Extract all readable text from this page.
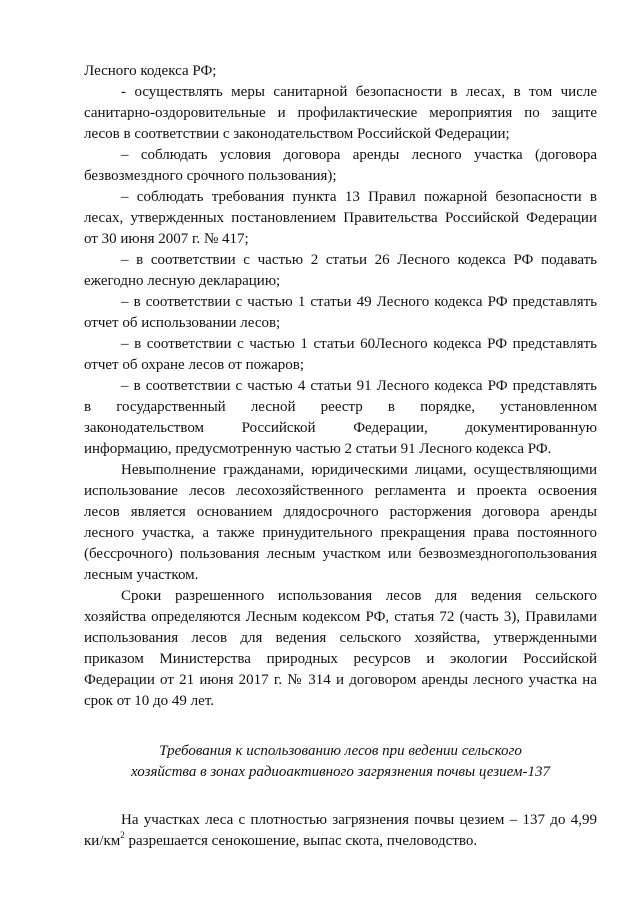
Лесного кодекса РФ;
- осуществлять меры санитарной безопасности в лесах, в том числе
санитарно-оздоровительные и профилактические мероприятия по защите
лесов в соответствии с законодательством Российской Федерации;
– соблюдать условия договора аренды лесного участка (договора
безвозмездного срочного пользования);
– соблюдать требования пункта 13 Правил пожарной безопасности в
лесах, утвержденных постановлением Правительства Российской Федерации
от 30 июня 2007 г. № 417;
– в соответствии с частью 2 статьи 26 Лесного кодекса РФ подавать
ежегодно лесную декларацию;
– в соответствии с частью 1 статьи 49 Лесного кодекса РФ представлять
отчет об использовании лесов;
– в соответствии с частью 1 статьи 60Лесного кодекса РФ представлять
отчет об охране лесов от пожаров;
– в соответствии с частью 4 статьи 91 Лесного кодекса РФ представлять
в государственный лесной реестр в порядке, установленном
законодательством Российской Федерации, документированную
информацию, предусмотренную частью 2 статьи 91 Лесного кодекса РФ.
Невыполнение гражданами, юридическими лицами, осуществляющими
использование лесов лесохозяйственного регламента и проекта освоения
лесов является основанием длядосрочного расторжения договора аренды
лесного участка, а также принудительного прекращения права постоянного
(бессрочного) пользования лесным участком или безвозмездногопользования
лесным участком.
Сроки разрешенного использования лесов для ведения сельского
хозяйства определяются Лесным кодексом РФ, статья 72 (часть 3), Правилами
использования лесов для ведения сельского хозяйства, утвержденными
приказом Министерства природных ресурсов и экологии Российской
Федерации от 21 июня 2017 г. № 314 и договором аренды лесного участка на
срок от 10 до 49 лет.
Требования к использованию лесов при ведении сельского
хозяйства в зонах радиоактивного загрязнения почвы цезием-137
На участках леса с плотностью загрязнения почвы цезием – 137 до 4,99
$ки/км^2$ разрешается сенокошение, выпас скота, пчеловодство.
